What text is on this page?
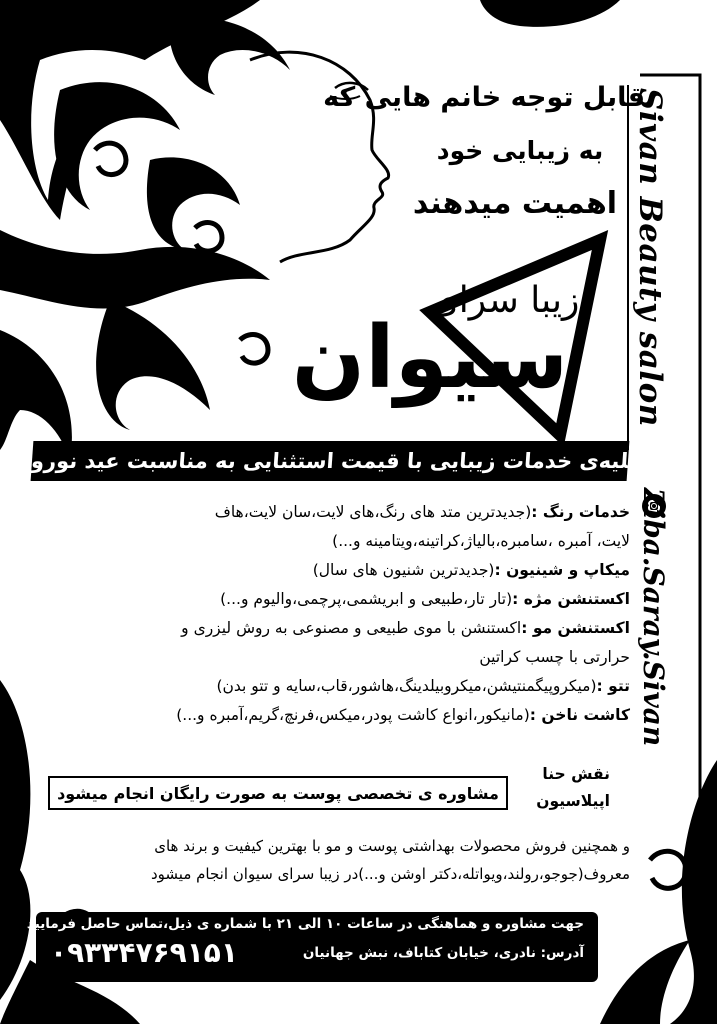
Sivan Beauty salon
Ziba.Saray.Sivan
قابل توجه خانم هایی که
به زیبایی خود
اهمیت میدهند
زیبا سرای
سیوان
کلیه‌ی خدمات زیبایی با قیمت استثنایی به مناسبت عید نوروز
خدمات رنگ :(جدیدترین متد های رنگ،های لایت،سان لایت،هاف
لایت، آمبره ،سامبره،بالیاژ،کراتینه،ویتامینه و...)
میکاپ و شینیون :(جدیدترین شنیون های سال)
اکستنشن مژه :(تار تار،طبیعی و ابریشمی،پرچمی،والیوم و...)
اکستنشن مو :اکستنشن با موی طبیعی و مصنوعی به روش لیزری و
حرارتی با چسب کراتین
تتو :(میکروپیگمنتیشن،میکروبیلدینگ،هاشور،قاب،سایه و تتو بدن)
کاشت ناخن :(مانیکور،انواع کاشت پودر،میکس،فرنچ،گریم،آمبره و...)
نقش حنا
اپیلاسیون
مشاوره ی تخصصی پوست به صورت رایگان انجام میشود
و همچنین فروش محصولات بهداشتی پوست و مو با بهترین کیفیت و برند های
معروف(جوجو،رولند،ویواتله،دکتر اوشن و...)در زیبا سرای سیوان انجام میشود
جهت مشاوره و هماهنگی در ساعات ۱۰ الی ۲۱ با شماره ی ذیل،تماس حاصل فرمایید
۰۹۳۳۴۷۶۹۱۵۱	آدرس: نادری، خیابان کتاباف، نبش جهانیان
